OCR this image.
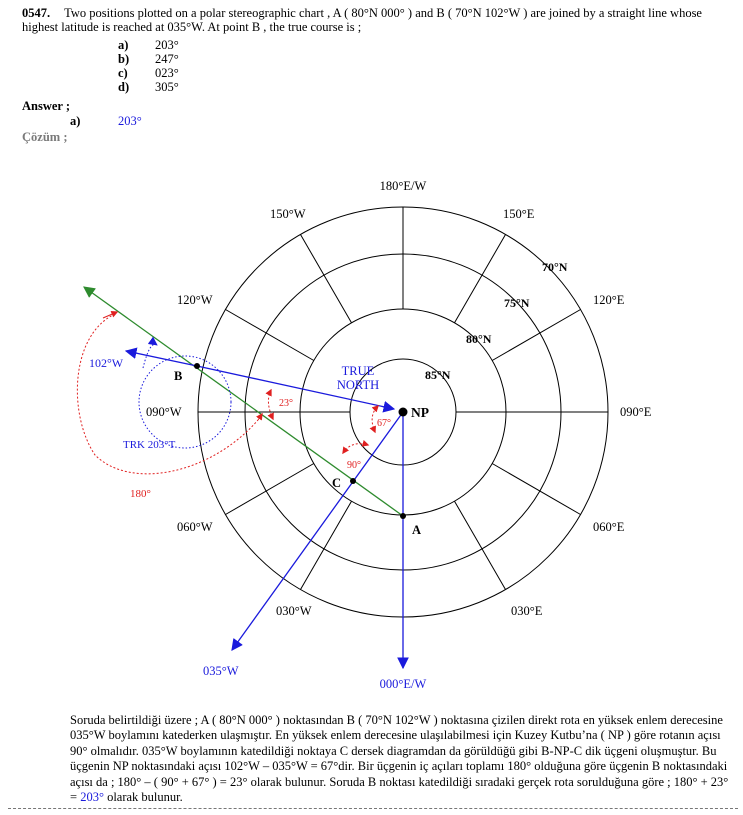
0547. Two positions plotted on a polar stereographic chart , A ( 80°N 000° ) and B ( 70°N 102°W ) are joined by a straight line whose highest latitude is reached at 035°W. At point B , the true course is ;
a) 203°
b) 247°
c) 023°
d) 305°
Answer ;
a)	203°
Çözüm ;
180°E/W
150°W	150°E
120°W	120°E
090°W	090°E
060°W	060°E
030°W	030°E
000°E/W
035°W
70°N
75°N
80°N
85°N
NP
B
A
C
TRUE
NORTH
102°W
TRK 203°T
180°
23°
67°
90°
Soruda belirtildiği üzere ; A ( 80°N 000° ) noktasından B ( 70°N 102°W ) noktasına çizilen direkt rota en yüksek enlem derecesine 035°W boylamını katederken ulaşmıştır. En yüksek enlem derecesine ulaşılabilmesi için Kuzey Kutbu’na ( NP ) göre rotanın açısı 90° olmalıdır. 035°W boylamının katedildiği noktaya C dersek diagramdan da görüldüğü gibi B-NP-C dik üçgeni oluşmuştur. Bu üçgenin NP noktasındaki açısı 102°W – 035°W = 67°dir. Bir üçgenin iç açıları toplamı 180° olduğuna göre üçgenin B noktasındaki açısı da ; 180° – ( 90° + 67° ) = 23° olarak bulunur. Soruda B noktası katedildiği sıradaki gerçek rota sorulduğuna göre ; 180° + 23° = 203° olarak bulunur.
